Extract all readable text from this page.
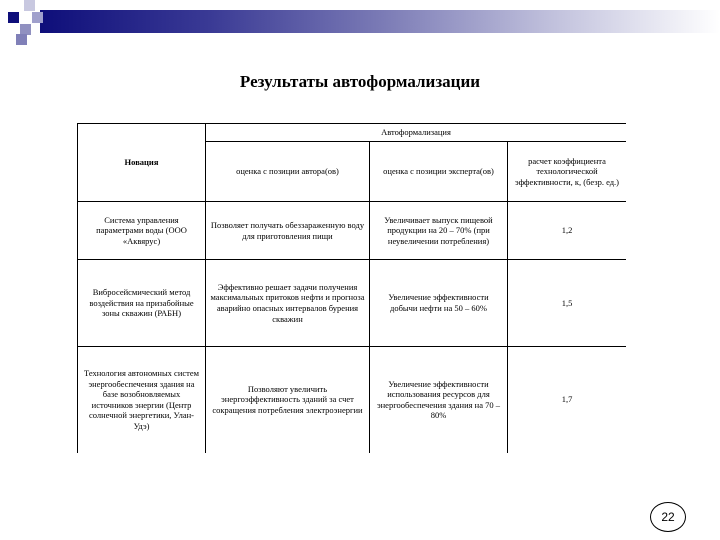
Результаты автоформализации
Новация	Автоформализация		
	оценка с позиции автора(ов)	оценка с позиции эксперта(ов)	расчет коэффициента технологической эффективности, к, (безр. ед.)
Система управления параметрами воды (ООО «Аквярус)	Позволяет получать обеззараженную воду для приготовления пищи	Увеличивает выпуск пищевой продукции на 20 – 70% (при неувеличении потребления)	1,2
Вибросейсмический метод воздействия на призабойные зоны скважин (РАБН)	Эффективно решает задачи получения максимальных притоков нефти и прогноза аварийно опасных интервалов бурения скважин	Увеличение эффективности добычи нефти на 50 – 60%	1,5
Технология автономных систем энергообеспечения здания на базе возобновляемых источников энергии (Центр солнечной энергетики, Улан-Удэ)	Позволяют увеличить энергоэффективность зданий за счет сокращения потребления электроэнергии	Увеличение эффективности использования ресурсов для энергообеспечения здания на 70 – 80%	1,7
22
